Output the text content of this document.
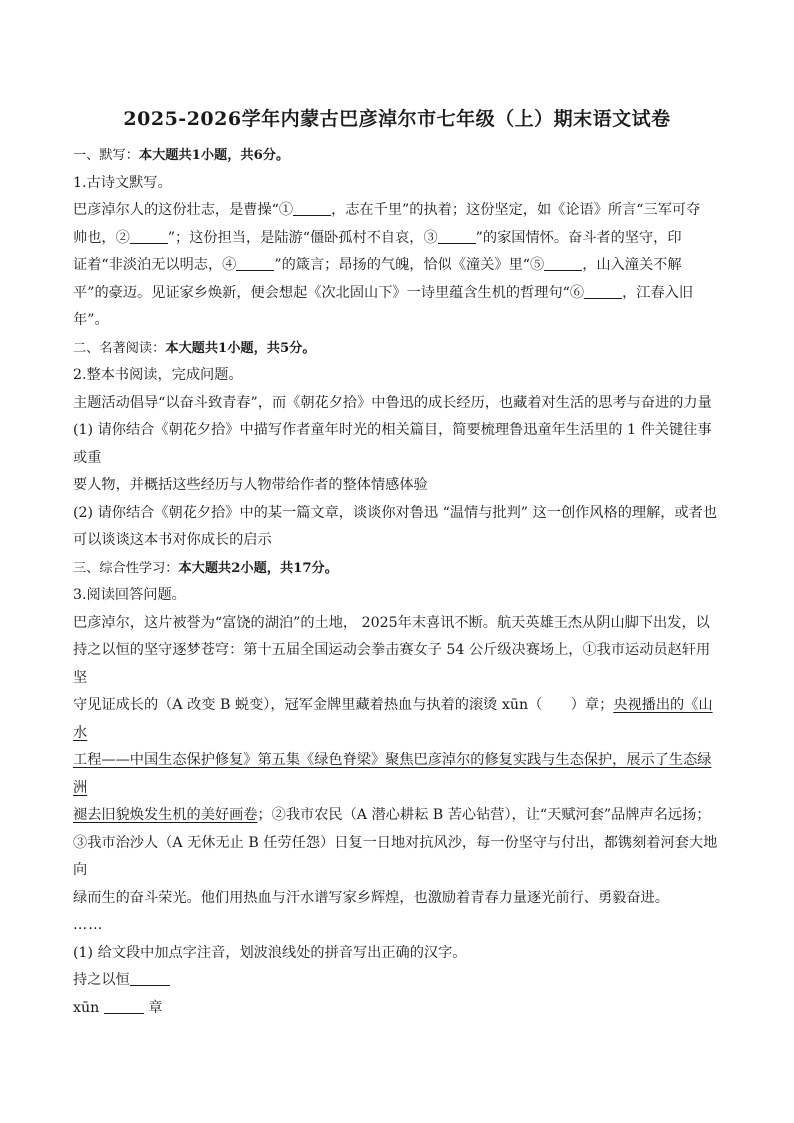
2025-2026学年内蒙古巴彦淖尔市七年级（上）期末语文试卷

一、默写：本大题共1小题，共6分。

1.古诗文默写。

巴彦淖尔人的这份壮志，是曹操“①	，志在千里”的执着；这份坚定，如《论语》所言“三军可夺

帅也，②	”；这份担当，是陆游“僵卧孤村不自哀，③	”的家国情怀。奋斗者的坚守，印

证着“非淡泊无以明志，④	”的箴言；昂扬的气魄，恰似《潼关》里“⑤	，山入潼关不解

平”的豪迈。见证家乡焕新，便会想起《次北固山下》一诗里蕴含生机的哲理句“⑥	，江春入旧

年”。

二、名著阅读：本大题共1小题，共5分。

2.整本书阅读，完成问题。

主题活动倡导“以奋斗致青春”，而《朝花夕拾》中鲁迅的成长经历，也藏着对生活的思考与奋进的力量

(1) 请你结合《朝花夕拾》中描写作者童年时光的相关篇目，简要梳理鲁迅童年生活里的 1 件关键往事或重

要人物，并概括这些经历与人物带给作者的整体情感体验

(2) 请你结合《朝花夕拾》中的某一篇文章，谈谈你对鲁迅 “温情与批判” 这一创作风格的理解，或者也

可以谈谈这本书对你成长的启示

三、综合性学习：本大题共2小题，共17分。

3.阅读回答问题。

巴彦淖尔，这片被誉为“富饶的湖泊”的土地， 2025年末喜讯不断。航天英雄王杰从阴山脚下出发，以

持之以恒的坚守逐梦苍穹：第十五届全国运动会拳击赛女子 54 公斤级决赛场上，①我市运动员赵轩用坚

守见证成长的（A 改变 B 蜕变），冠军金牌里藏着热血与执着的滚烫 xūn（　　）章；央视播出的《山水

工程——中国生态保护修复》第五集《绿色脊梁》聚焦巴彦淖尔的修复实践与生态保护，展示了生态绿洲

褪去旧貌焕发生机的美好画卷；②我市农民（A 潜心耕耘 B 苦心钻营），让“天赋河套”品牌声名远扬；

③我市治沙人（A 无休无止 B 任劳任怨）日复一日地对抗风沙，每一份坚守与付出，都镌刻着河套大地向

绿而生的奋斗荣光。他们用热血与汗水谱写家乡辉煌，也激励着青春力量逐光前行、勇毅奋进。

……

(1) 给文段中加点字注音，划波浪线处的拼音写出正确的汉字。

持之以恒

xūn	章
